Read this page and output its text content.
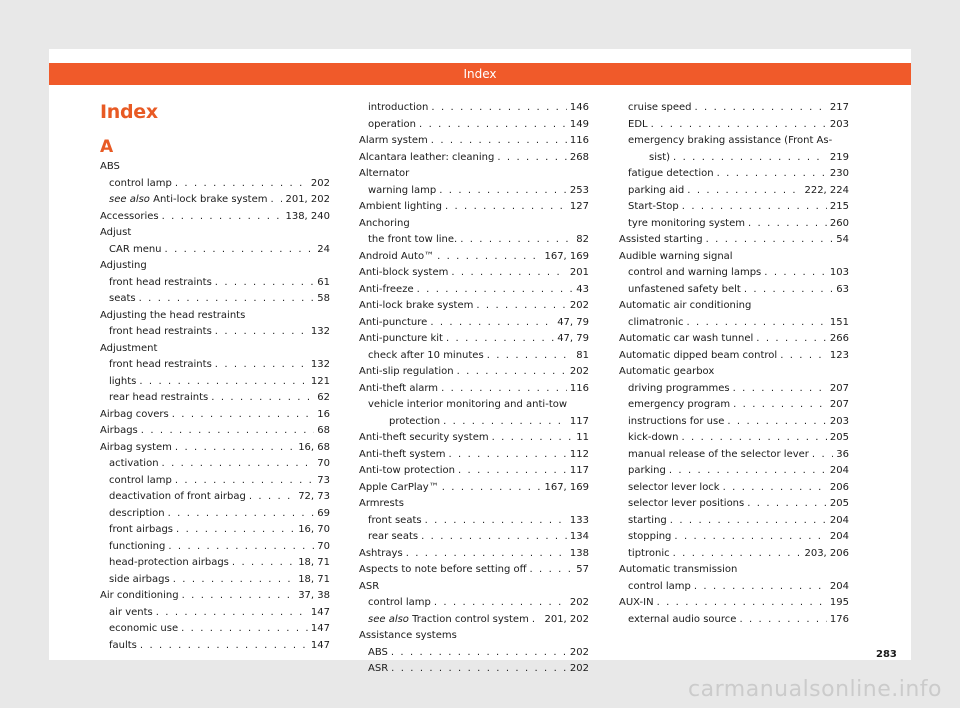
Index
Index
A
ABS
control lamp . . .	202
see also Anti-lock brake system . . . 201, 202
Accessories . . .	138, 240
Adjust
CAR menu . . .	24
Adjusting
front head restraints . . .	61
seats . . .	58
Adjusting the head restraints
front head restraints . . .	132
Adjustment
front head restraints . . .	132
lights . . .	121
rear head restraints . . .	62
Airbag covers . . .	16
Airbags . . .	68
Airbag system . . .	16, 68
activation . . .	70
control lamp . . .	73
deactivation of front airbag . . .	72, 73
description . . .	69
front airbags . . .	16, 70
functioning . . .	70
head-protection airbags . . .	18, 71
side airbags . . .	18, 71
Air conditioning . . .	37, 38
air vents . . .	147
economic use . . .	147
faults . . .	147
introduction . . .	146
operation . . .	149
Alarm system . . .	116
Alcantara leather: cleaning . . .	268
Alternator
warning lamp . . .	253
Ambient lighting . . .	127
Anchoring
the front tow line. . . .	82
Android Auto™ . . .	167, 169
Anti-block system . . .	201
Anti-freeze . . .	43
Anti-lock brake system . . .	202
Anti-puncture . . .	47, 79
Anti-puncture kit . . .	47, 79
check after 10 minutes . . .	81
Anti-slip regulation . . .	202
Anti-theft alarm . . .	116
vehicle interior monitoring and anti-tow
protection . . .	117
Anti-theft security system . . .	11
Anti-theft system . . .	112
Anti-tow protection . . .	117
Apple CarPlay™ . . .	167, 169
Armrests
front seats . . .	133
rear seats . . .	134
Ashtrays . . .	138
Aspects to note before setting off . . .	57
ASR
control lamp . . .	202
see also Traction control system . . . 201, 202
Assistance systems
ABS . . .	202
ASR . . .	202
cruise speed . . .	217
EDL . . .	203
emergency braking assistance (Front As-
sist) . . .	219
fatigue detection . . .	230
parking aid . . .	222, 224
Start-Stop . . .	215
tyre monitoring system . . .	260
Assisted starting . . .	54
Audible warning signal
control and warning lamps . . .	103
unfastened safety belt . . .	63
Automatic air conditioning
climatronic . . .	151
Automatic car wash tunnel . . .	266
Automatic dipped beam control . . .	123
Automatic gearbox
driving programmes . . .	207
emergency program . . .	207
instructions for use . . .	203
kick-down . . .	205
manual release of the selector lever . . .	36
parking . . .	204
selector lever lock . . .	206
selector lever positions . . .	205
starting . . .	204
stopping . . .	204
tiptronic . . .	203, 206
Automatic transmission
control lamp . . .	204
AUX-IN . . .	195
external audio source . . .	176
283
carmanualsonline.info
